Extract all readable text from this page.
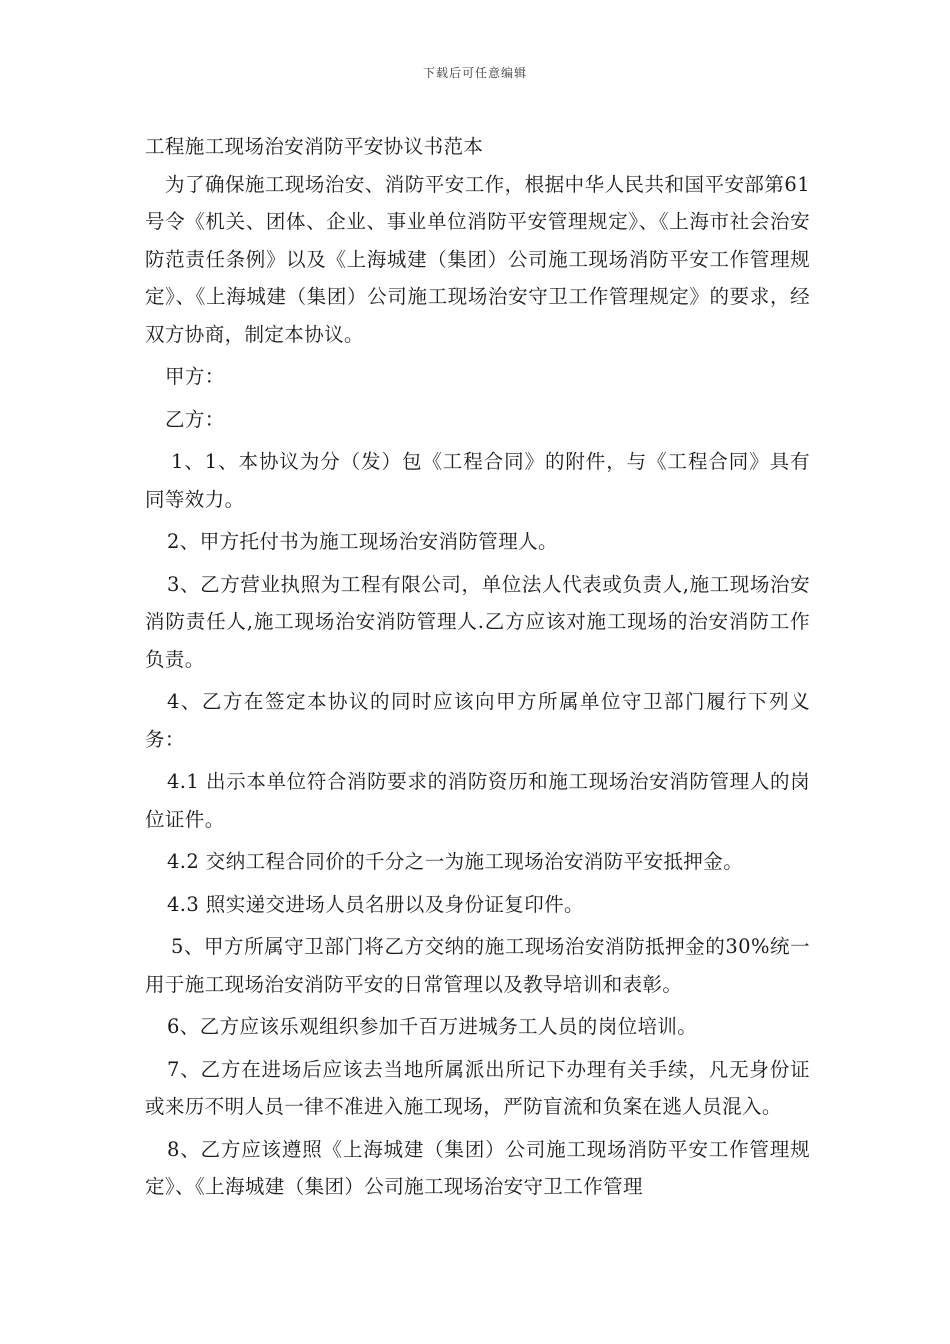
下载后可任意编辑
工程施工现场治安消防平安协议书范本

为了确保施工现场治安、消防平安工作，根据中华人民共和国平安部第61号令《机关、团体、企业、事业单位消防平安管理规定》、《上海市社会治安防范责任条例》以及《上海城建（集团）公司施工现场消防平安工作管理规定》、《上海城建（集团）公司施工现场治安守卫工作管理规定》的要求，经双方协商，制定本协议。

甲方：

乙方：

1、1、本协议为分（发）包《工程合同》的附件，与《工程合同》具有同等效力。

2、甲方托付书为施工现场治安消防管理人。

3、乙方营业执照为工程有限公司，单位法人代表或负责人,施工现场治安消防责任人,施工现场治安消防管理人.乙方应该对施工现场的治安消防工作负责。

4、乙方在签定本协议的同时应该向甲方所属单位守卫部门履行下列义务：

4.1 出示本单位符合消防要求的消防资历和施工现场治安消防管理人的岗位证件。

4.2 交纳工程合同价的千分之一为施工现场治安消防平安抵押金。

4.3 照实递交进场人员名册以及身份证复印件。

5、甲方所属守卫部门将乙方交纳的施工现场治安消防抵押金的30%统一用于施工现场治安消防平安的日常管理以及教导培训和表彰。

6、乙方应该乐观组织参加千百万进城务工人员的岗位培训。

7、乙方在进场后应该去当地所属派出所记下办理有关手续，凡无身份证或来历不明人员一律不准进入施工现场，严防盲流和负案在逃人员混入。

8、乙方应该遵照《上海城建（集团）公司施工现场消防平安工作管理规定》、《上海城建（集团）公司施工现场治安守卫工作管理
